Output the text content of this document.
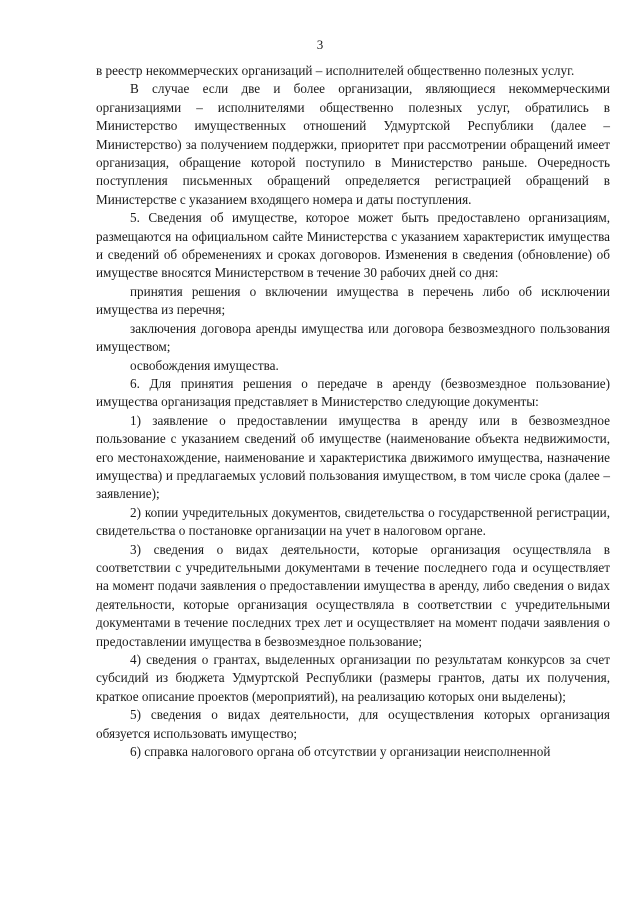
3

в реестр некоммерческих организаций – исполнителей общественно полезных услуг.

В случае если две и более организации, являющиеся некоммерческими организациями – исполнителями общественно полезных услуг, обратились в Министерство имущественных отношений Удмуртской Республики (далее – Министерство) за получением поддержки, приоритет при рассмотрении обращений имеет организация, обращение которой поступило в Министерство раньше. Очередность поступления письменных обращений определяется регистрацией обращений в Министерстве с указанием входящего номера и даты поступления.

5. Сведения об имуществе, которое может быть предоставлено организациям, размещаются на официальном сайте Министерства с указанием характеристик имущества и сведений об обременениях и сроках договоров. Изменения в сведения (обновление) об имуществе вносятся Министерством в течение 30 рабочих дней со дня:

принятия решения о включении имущества в перечень либо об исключении имущества из перечня;

заключения договора аренды имущества или договора безвозмездного пользования имуществом;

освобождения имущества.

6. Для принятия решения о передаче в аренду (безвозмездное пользование) имущества организация представляет в Министерство следующие документы:

1) заявление о предоставлении имущества в аренду или в безвозмездное пользование с указанием сведений об имуществе (наименование объекта недвижимости, его местонахождение, наименование и характеристика движимого имущества, назначение имущества) и предлагаемых условий пользования имуществом, в том числе срока (далее – заявление);

2) копии учредительных документов, свидетельства о государственной регистрации, свидетельства о постановке организации на учет в налоговом органе.

3) сведения о видах деятельности, которые организация осуществляла в соответствии с учредительными документами в течение последнего года и осуществляет на момент подачи заявления о предоставлении имущества в аренду, либо сведения о видах деятельности, которые организация осуществляла в соответствии с учредительными документами в течение последних трех лет и осуществляет на момент подачи заявления о предоставлении имущества в безвозмездное пользование;

4) сведения о грантах, выделенных организации по результатам конкурсов за счет субсидий из бюджета Удмуртской Республики (размеры грантов, даты их получения, краткое описание проектов (мероприятий), на реализацию которых они выделены);

5) сведения о видах деятельности, для осуществления которых организация обязуется использовать имущество;

6) справка налогового органа об отсутствии у организации неисполненной
